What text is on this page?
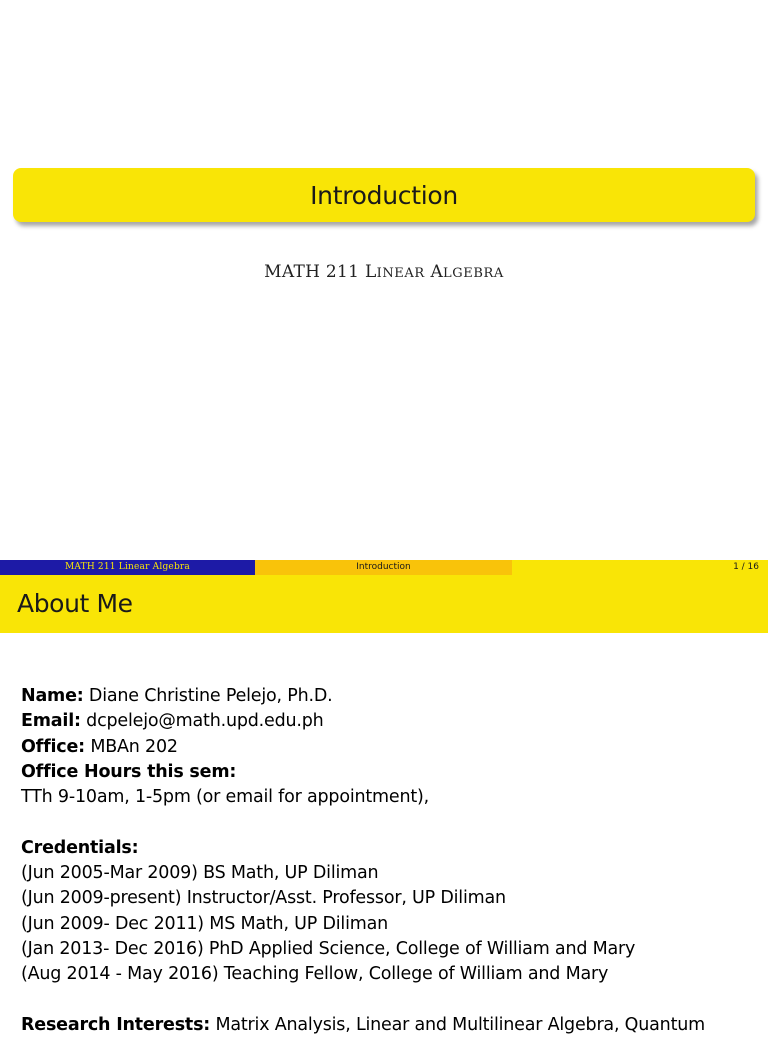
Introduction
MATH 211 LINEAR ALGEBRA
MATH 211 Linear Algebra	Introduction	1 / 16
About Me
Name: Diane Christine Pelejo, Ph.D.
Email: dcpelejo@math.upd.edu.ph
Office: MBAn 202
Office Hours this sem:
TTh 9-10am, 1-5pm (or email for appointment),
Credentials:
(Jun 2005-Mar 2009) BS Math, UP Diliman
(Jun 2009-present) Instructor/Asst. Professor, UP Diliman
(Jun 2009- Dec 2011) MS Math, UP Diliman
(Jan 2013- Dec 2016) PhD Applied Science, College of William and Mary
(Aug 2014 - May 2016) Teaching Fellow, College of William and Mary
Research Interests: Matrix Analysis, Linear and Multilinear Algebra, Quantum
